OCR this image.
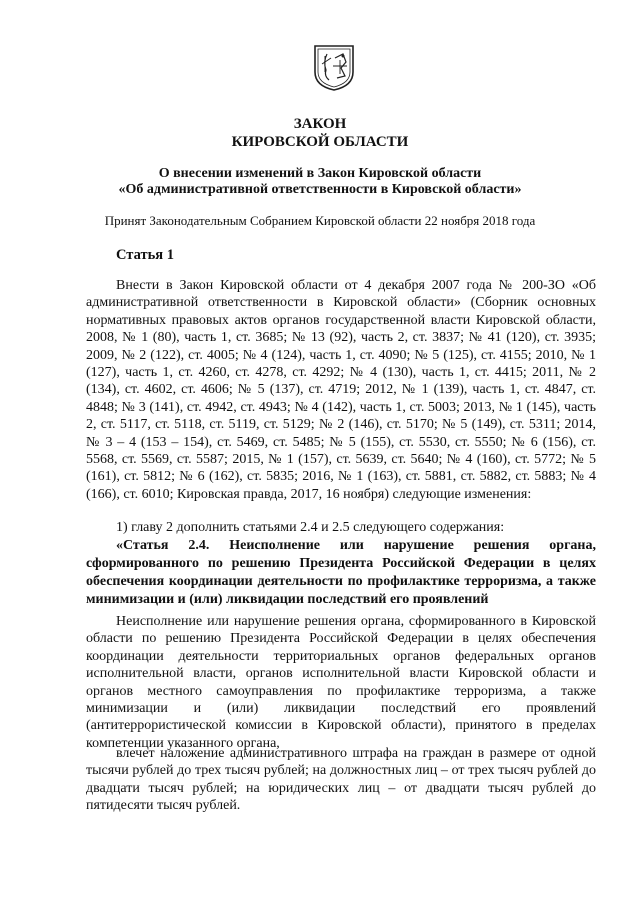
ЗАКОН
КИРОВСКОЙ ОБЛАСТИ
О внесении изменений в Закон Кировской области
«Об административной ответственности в Кировской области»
Принят Законодательным Собранием Кировской области 22 ноября 2018 года
Статья 1

Внести в Закон Кировской области от 4 декабря 2007 года № 200-ЗО «Об административной ответственности в Кировской области» (Сборник основных нормативных правовых актов органов государственной власти Кировской области, 2008, № 1 (80), часть 1, ст. 3685; № 13 (92), часть 2, ст. 3837; № 41 (120), ст. 3935; 2009, № 2 (122), ст. 4005; № 4 (124), часть 1, ст. 4090; № 5 (125), ст. 4155; 2010, № 1 (127), часть 1, ст. 4260, ст. 4278, ст. 4292; № 4 (130), часть 1, ст. 4415; 2011, № 2 (134), ст. 4602, ст. 4606; № 5 (137), ст. 4719; 2012, № 1 (139), часть 1, ст. 4847, ст. 4848; № 3 (141), ст. 4942, ст. 4943; № 4 (142), часть 1, ст. 5003; 2013, № 1 (145), часть 2, ст. 5117, ст. 5118, ст. 5119, ст. 5129; № 2 (146), ст. 5170; № 5 (149), ст. 5311; 2014, № 3 – 4 (153 – 154), ст. 5469, ст. 5485; № 5 (155), ст. 5530, ст. 5550; № 6 (156), ст. 5568, ст. 5569, ст. 5587; 2015, № 1 (157), ст. 5639, ст. 5640; № 4 (160), ст. 5772; № 5 (161), ст. 5812; № 6 (162), ст. 5835; 2016, № 1 (163), ст. 5881, ст. 5882, ст. 5883; № 4 (166), ст. 6010; Кировская правда, 2017, 16 ноября) следующие изменения:

1) главу 2 дополнить статьями 2.4 и 2.5 следующего содержания:

«Статья 2.4. Неисполнение или нарушение решения органа, сформированного по решению Президента Российской Федерации в целях обеспечения координации деятельности по профилактике терроризма, а также минимизации и (или) ликвидации последствий его проявлений

Неисполнение или нарушение решения органа, сформированного в Кировской области по решению Президента Российской Федерации в целях обеспечения координации деятельности территориальных органов федеральных органов исполнительной власти, органов исполнительной власти Кировской области и органов местного самоуправления по профилактике терроризма, а также минимизации и (или) ликвидации последствий его проявлений (антитеррористической комиссии в Кировской области), принятого в пределах компетенции указанного органа,

влечет наложение административного штрафа на граждан в размере от одной тысячи рублей до трех тысяч рублей; на должностных лиц – от трех тысяч рублей до двадцати тысяч рублей; на юридических лиц – от двадцати тысяч рублей до пятидесяти тысяч рублей.
